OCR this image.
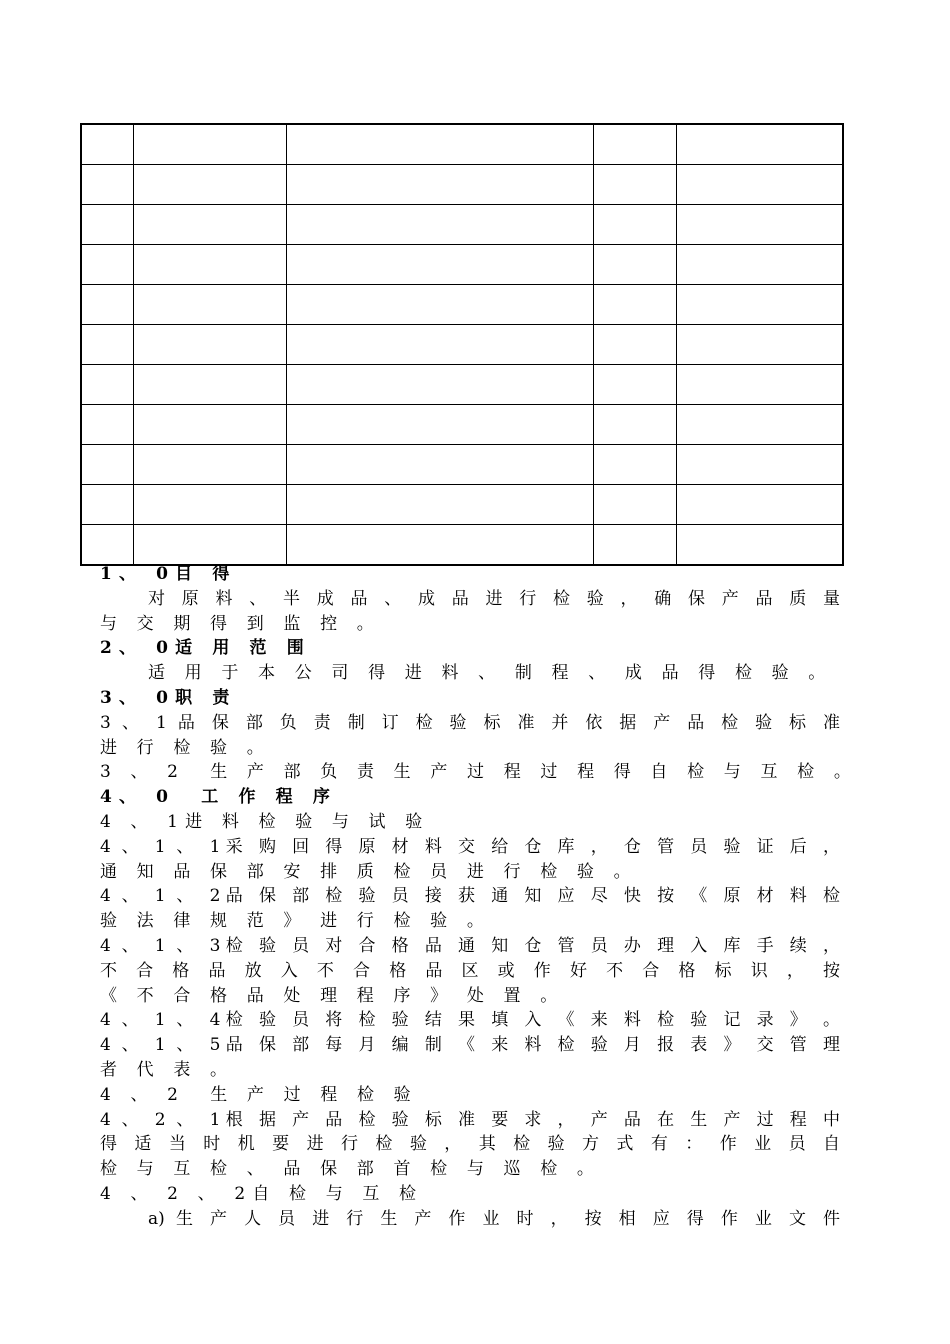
1、 0目 得
对 原 料 、 半 成 品 、 成 品 进 行 检 验 ， 确 保 产 品 质 量
与 交 期 得 到 监 控 。
2、 0适 用 范 围
适 用 于 本 公 司 得 进 料 、 制 程 、 成 品 得 检 验 。
3、 0职 责
3 、 1 品 保 部 负 责 制 订 检 验 标 准 并 依 据 产 品 检 验 标 准
进 行 检 验 。
3 、 2  生 产 部 负 责 生 产 过 程 过 程 得 自 检 与 互 检 。
4、 0  工 作 程 序
4 、 1进 料 检 验 与 试 验
4 、 1 、 1采 购 回 得 原 材 料 交 给 仓 库 ， 仓 管 员 验 证 后 ，
通 知 品 保 部 安 排 质 检 员 进 行 检 验 。
4 、 1 、 2品 保 部 检 验 员 接 获 通 知 应 尽 快 按 《 原 材 料 检
验 法 律 规 范 》 进 行 检 验 。
4 、 1 、 3检 验 员 对 合 格 品 通 知 仓 管 员 办 理 入 库 手 续 ，
不 合 格 品 放 入 不 合 格 品 区 或 作 好 不 合 格 标 识 ， 按
《 不 合 格 品 处 理 程 序 》 处 置 。
4 、 1 、 4检 验 员 将 检 验 结 果 填 入 《 来 料 检 验 记 录 》 。
4 、 1 、 5品 保 部 每 月 编 制 《 来 料 检 验 月 报 表 》 交 管 理
者 代 表 。
4 、 2  生 产 过 程 检 验
4 、 2 、 1根 据 产 品 检 验 标 准 要 求 ， 产 品 在 生 产 过 程 中
得 适 当 时 机 要 进 行 检 验 ， 其 检 验 方 式 有 ： 作 业 员 自
检 与 互 检 、 品 保 部 首 检 与 巡 检 。
4 、 2 、 2自 检 与 互 检
a) 生 产 人 员 进 行 生 产 作 业 时 ， 按 相 应 得 作 业 文 件
